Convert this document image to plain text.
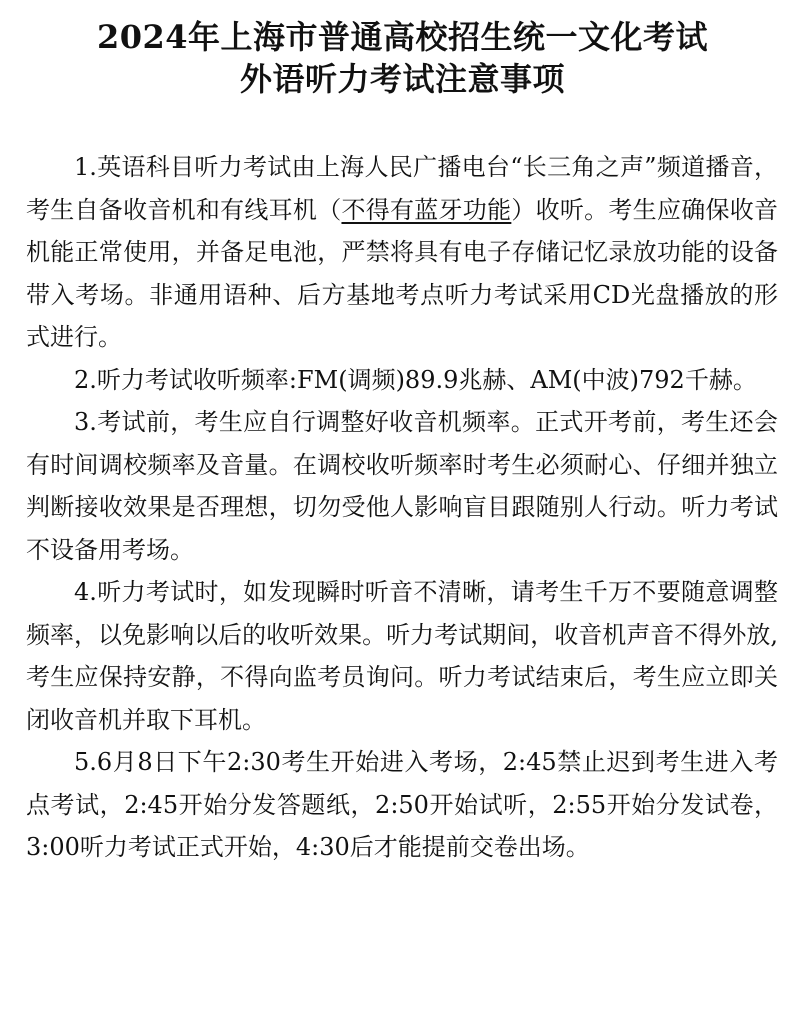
2024年上海市普通高校招生统一文化考试
外语听力考试注意事项

1.英语科目听力考试由上海人民广播电台“长三角之声”频道播音，考生自备收音机和有线耳机（不得有蓝牙功能）收听。考生应确保收音机能正常使用，并备足电池，严禁将具有电子存储记忆录放功能的设备带入考场。非通用语种、后方基地考点听力考试采用CD光盘播放的形式进行。

2.听力考试收听频率:FM(调频)89.9兆赫、AM(中波)792千赫。

3.考试前，考生应自行调整好收音机频率。正式开考前，考生还会有时间调校频率及音量。在调校收听频率时考生必须耐心、仔细并独立判断接收效果是否理想，切勿受他人影响盲目跟随别人行动。听力考试不设备用考场。

4.听力考试时，如发现瞬时听音不清晰，请考生千万不要随意调整频率，以免影响以后的收听效果。听力考试期间，收音机声音不得外放,考生应保持安静，不得向监考员询问。听力考试结束后，考生应立即关闭收音机并取下耳机。

5.6月8日下午2:30考生开始进入考场，2:45禁止迟到考生进入考点考试，2:45开始分发答题纸，2:50开始试听，2:55开始分发试卷，3:00听力考试正式开始，4:30后才能提前交卷出场。
